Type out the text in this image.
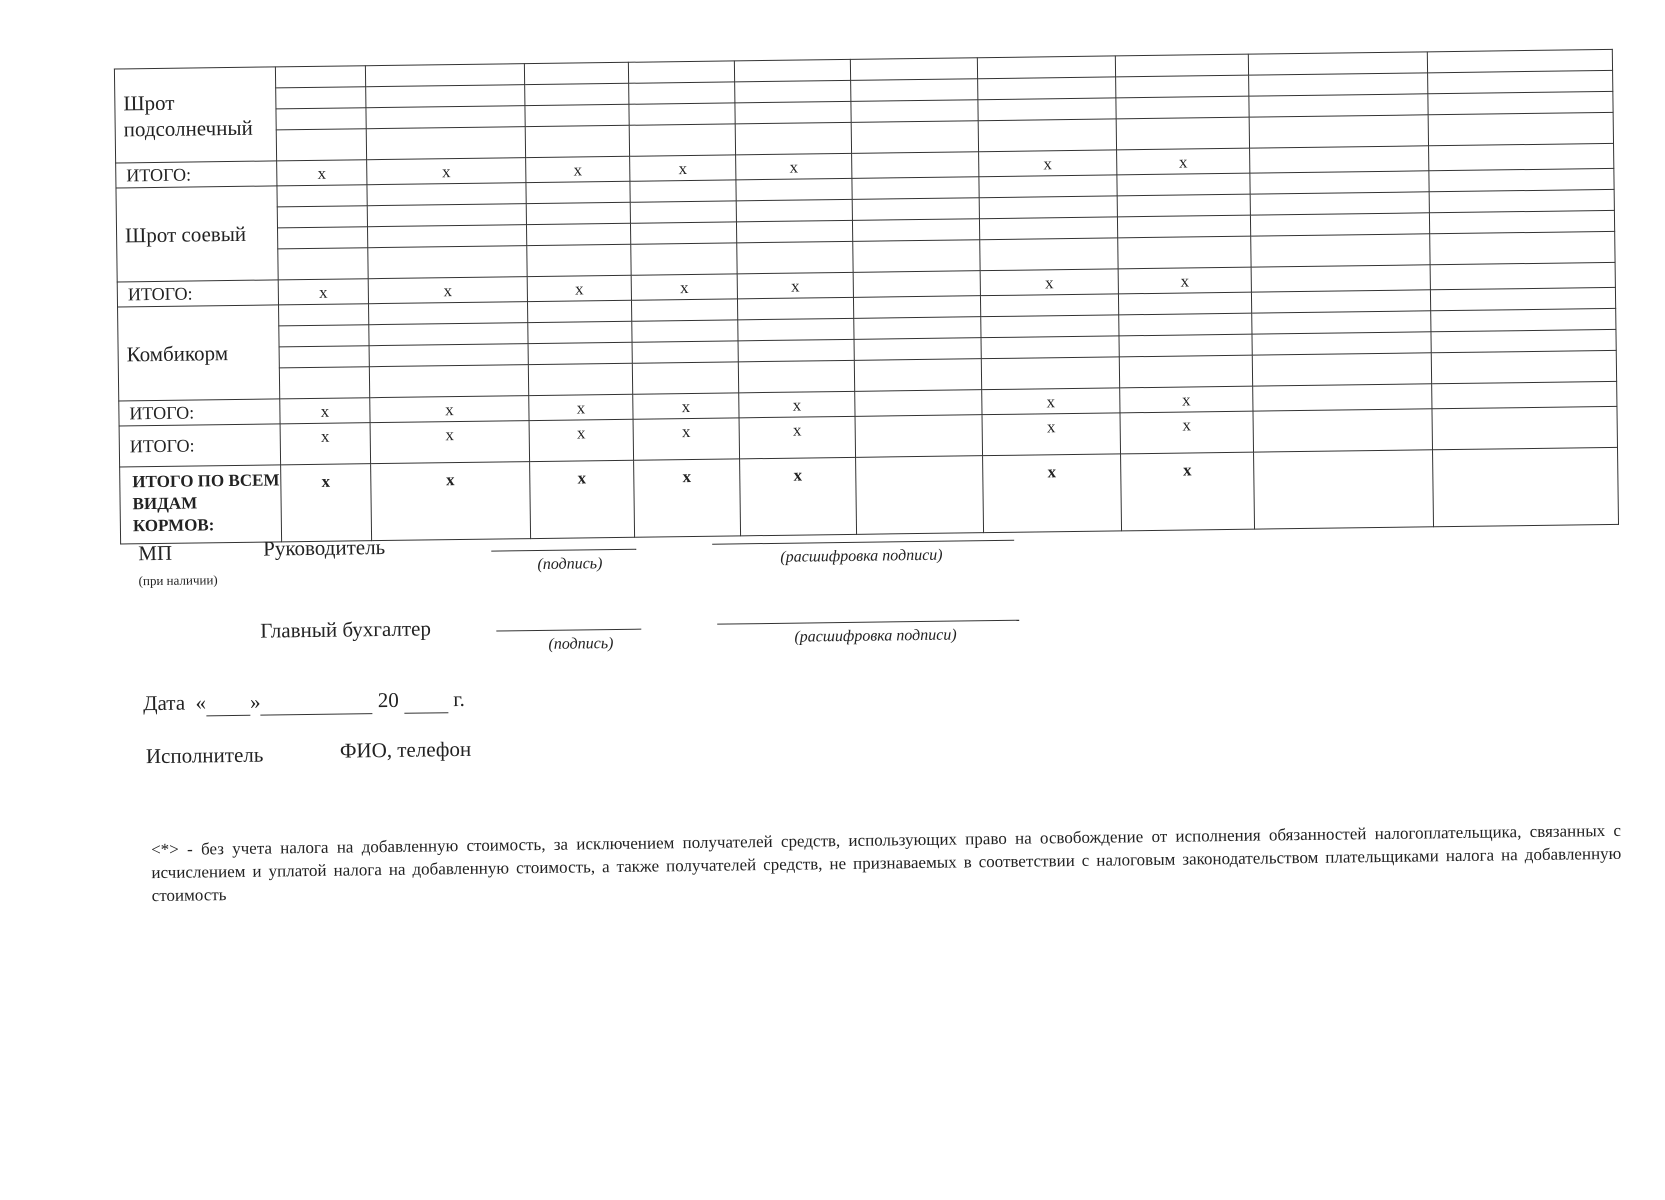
Шрот подсолнечный										

ИТОГО:	x	x	x	x	x		x	x		
Шрот соевый										

ИТОГО:	x	x	x	x	x		x	x		
Комбикорм										

ИТОГО:	x	x	x	x	x		x	x		
ИТОГО:	x	x	x	x	x		x	x		
ИТОГО ПО ВСЕМ ВИДАМ КОРМОВ:	x	x	x	x	x		x	x		
МП
(при наличии)
Руководитель
(подпись)	(расшифровка подписи)
Главный бухгалтер
(подпись)	(расшифровка подписи)
Дата « »	20	г.
Исполнитель	ФИО, телефон
<*> - без учета налога на добавленную стоимость, за исключением получателей средств, использующих право на освобождение от исполнения обязанностей налогоплательщика, связанных с исчислением и уплатой налога на добавленную стоимость, а также получателей средств, не признаваемых в соответствии с налоговым законодательством плательщиками налога на добавленную стоимость
